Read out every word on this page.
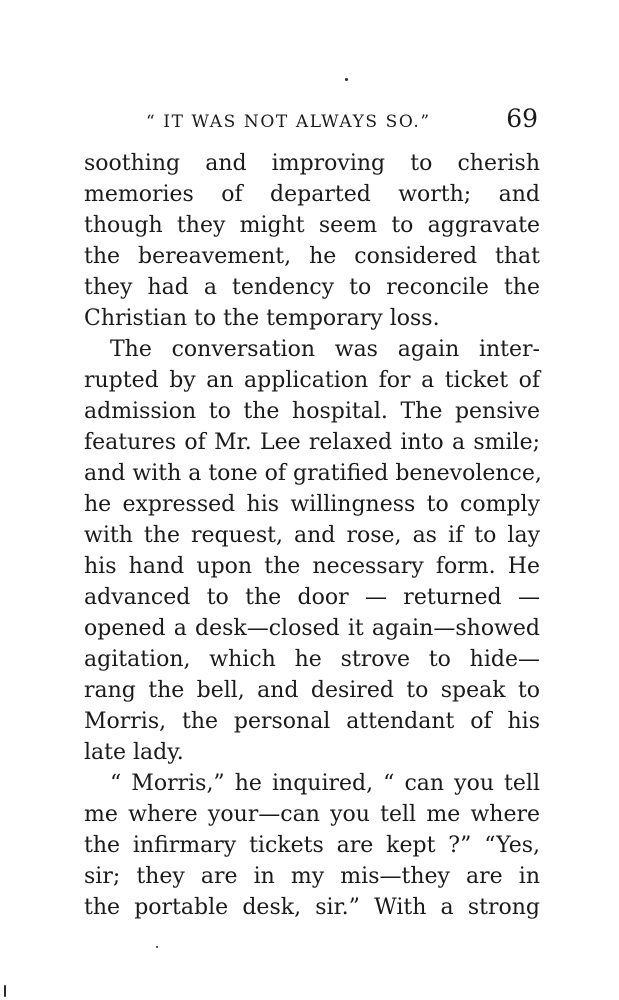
“ IT WAS NOT ALWAYS SO.”	69
soothing and improving to cherish
memories of departed worth; and
though they might seem to aggravate
the bereavement, he considered that
they had a tendency to reconcile the
Christian to the temporary loss.
The conversation was again inter-
rupted by an application for a ticket of
admission to the hospital. The pensive
features of Mr. Lee relaxed into a smile;
and with a tone of gratified benevolence,
he expressed his willingness to comply
with the request, and rose, as if to lay
his hand upon the necessary form. He
advanced to the door — returned —
opened a desk—closed it again—showed
agitation, which he strove to hide—
rang the bell, and desired to speak to
Morris, the personal attendant of his
late lady.
“ Morris,” he inquired, “ can you tell
me where your—can you tell me where
the infirmary tickets are kept ?” “Yes,
sir; they are in my mis—they are in
the portable desk, sir.” With a strong
